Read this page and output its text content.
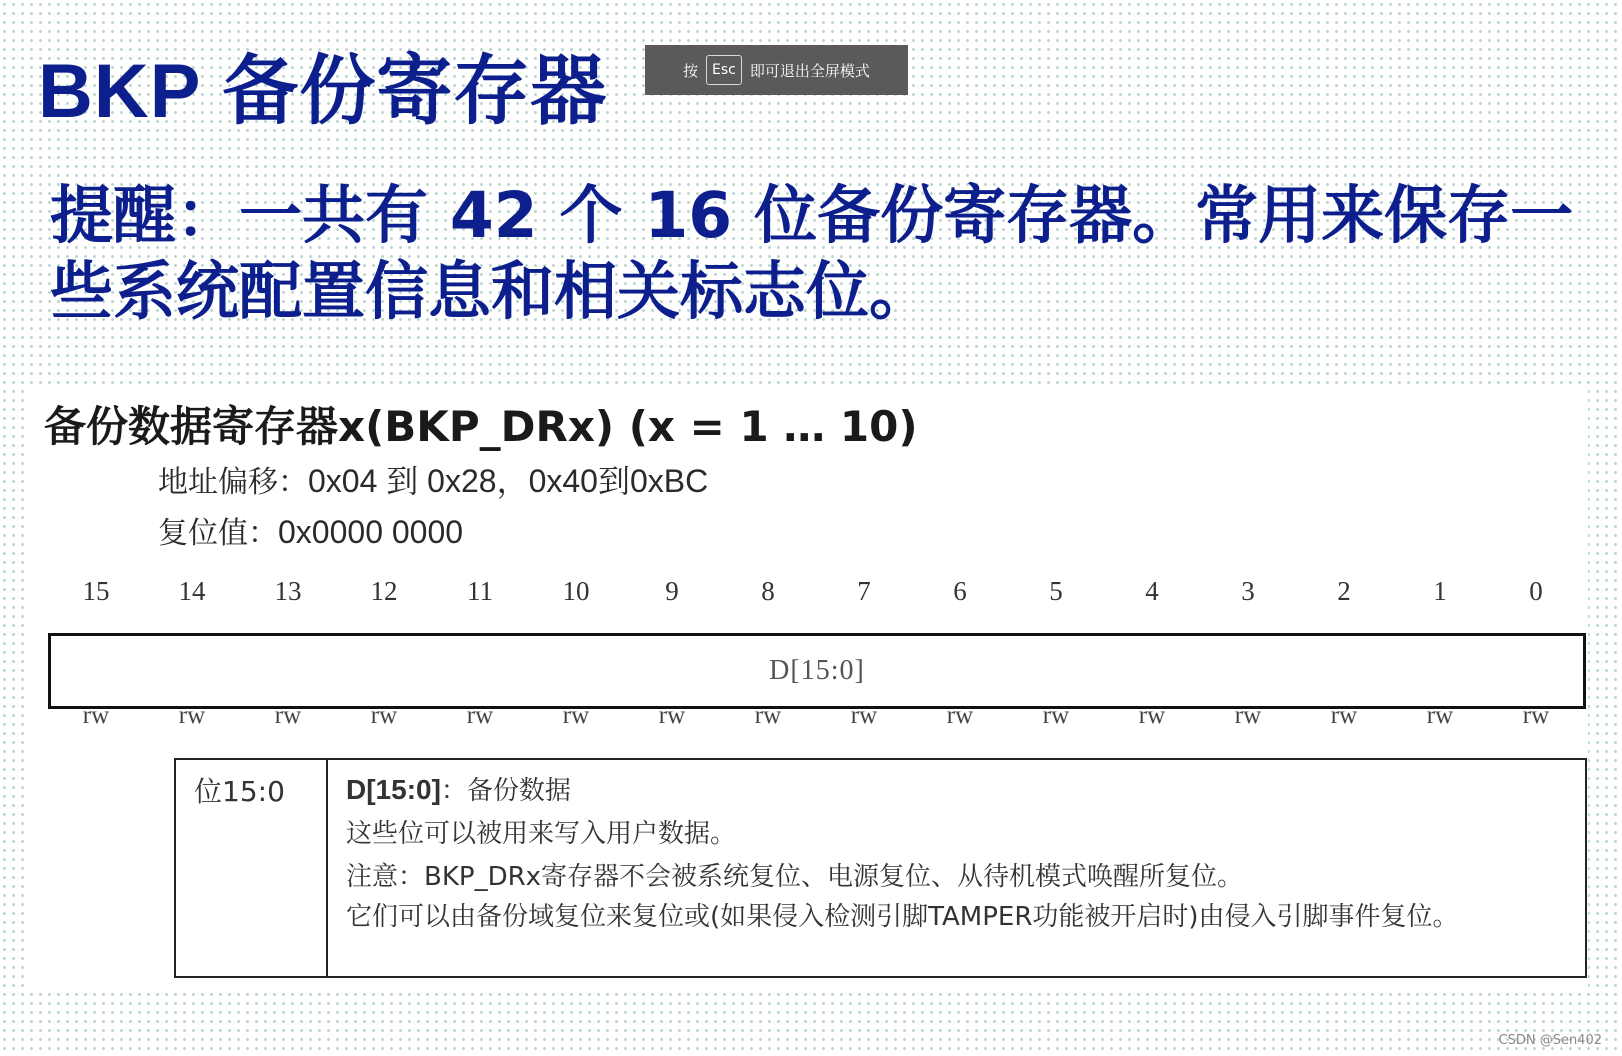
BKP 备份寄存器	按	Esc 即可退出全屏模式

提醒：一共有 42 个 16 位备份寄存器。常用来保存一些系统配置信息和相关标志位。

备份数据寄存器x(BKP_DRx) (x = 1 … 10)
地址偏移：0x04 到 0x28，0x40到0xBC
复位值：0x0000 0000
15	14	13	12	11	10	9	8	7	6	5	4	3	2	1	0
D[15:0]
rw	rw	rw	rw	rw	rw	rw	rw	rw	rw	rw	rw	rw	rw	rw	rw
位15:0	D[15:0]：备份数据

这些位可以被用来写入用户数据。

注意：BKP_DRx寄存器不会被系统复位、电源复位、从待机模式唤醒所复位。

它们可以由备份域复位来复位或(如果侵入检测引脚TAMPER功能被开启时)由侵入引脚事件复位。

CSDN @Sen402
